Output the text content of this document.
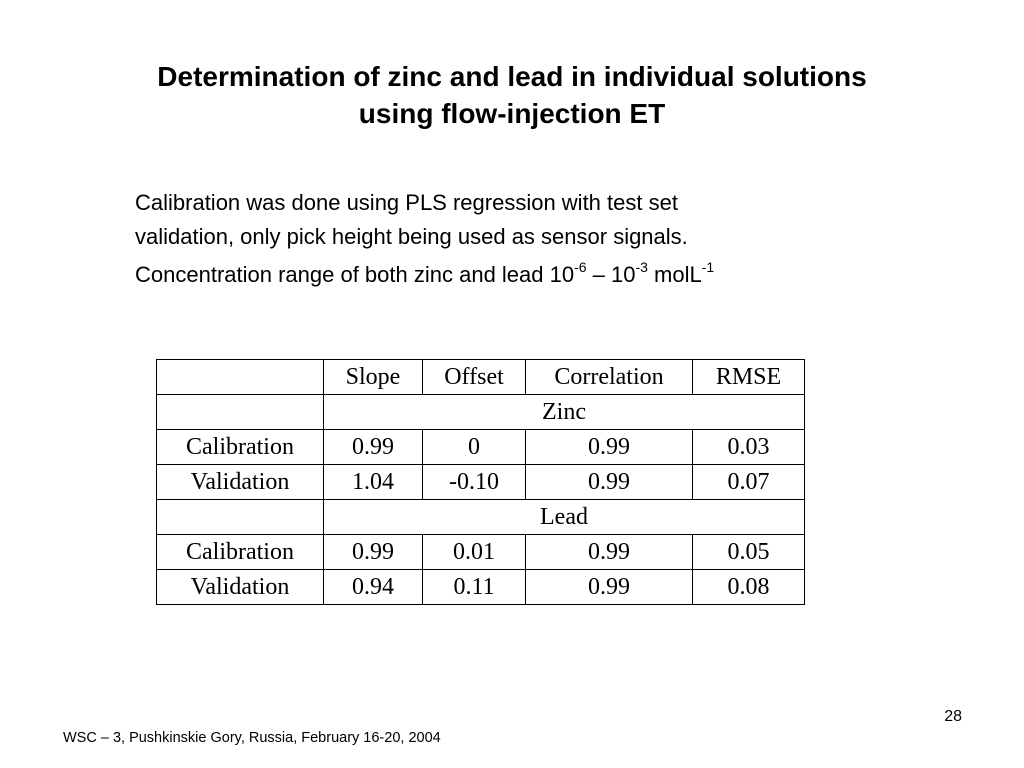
Determination of zinc and lead in individual solutions
using flow-injection ET

Calibration was done using PLS regression with test set

validation, only pick height being used as sensor signals.

Concentration range of both zinc and lead $10^{-6} - 10^{-3}$ molL$^{-1}$

	Slope	Offset	Correlation	RMSE
	Zinc			
Calibration	0.99	0	0.99	0.03
Validation	1.04	-0.10	0.99	0.07
	Lead			
Calibration	0.99	0.01	0.99	0.05
Validation	0.94	0.11	0.99	0.08
28
WSC – 3, Pushkinskie Gory, Russia, February 16-20, 2004
